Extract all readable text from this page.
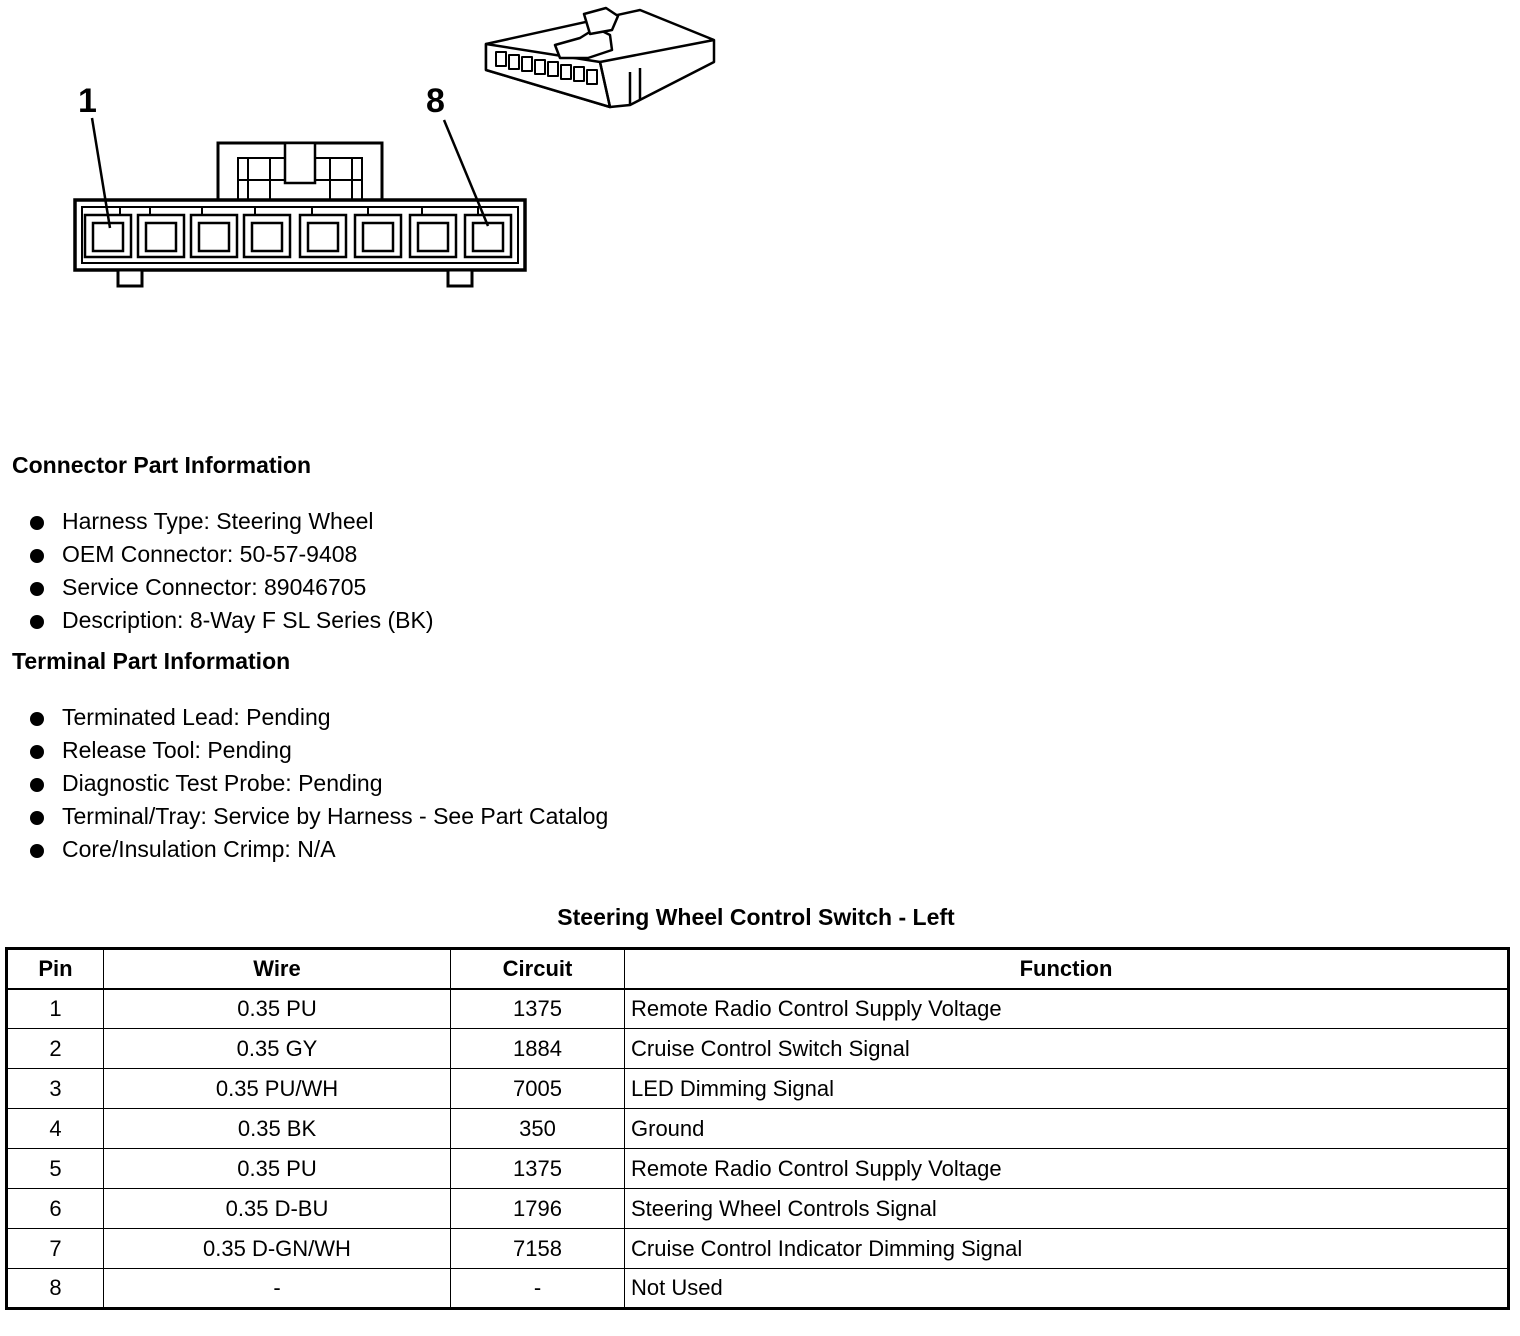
1	8
Connector Part Information
Harness Type: Steering Wheel
OEM Connector: 50-57-9408
Service Connector: 89046705
Description: 8-Way F SL Series (BK)
Terminal Part Information
Terminated Lead: Pending
Release Tool: Pending
Diagnostic Test Probe: Pending
Terminal/Tray: Service by Harness - See Part Catalog
Core/Insulation Crimp: N/A
Steering Wheel Control Switch - Left
Pin	Wire	Circuit	Function
1	0.35 PU	1375	Remote Radio Control Supply Voltage
2	0.35 GY	1884	Cruise Control Switch Signal
3	0.35 PU/WH	7005	LED Dimming Signal
4	0.35 BK	350	Ground
5	0.35 PU	1375	Remote Radio Control Supply Voltage
6	0.35 D-BU	1796	Steering Wheel Controls Signal
7	0.35 D-GN/WH	7158	Cruise Control Indicator Dimming Signal
8	-	-	Not Used
